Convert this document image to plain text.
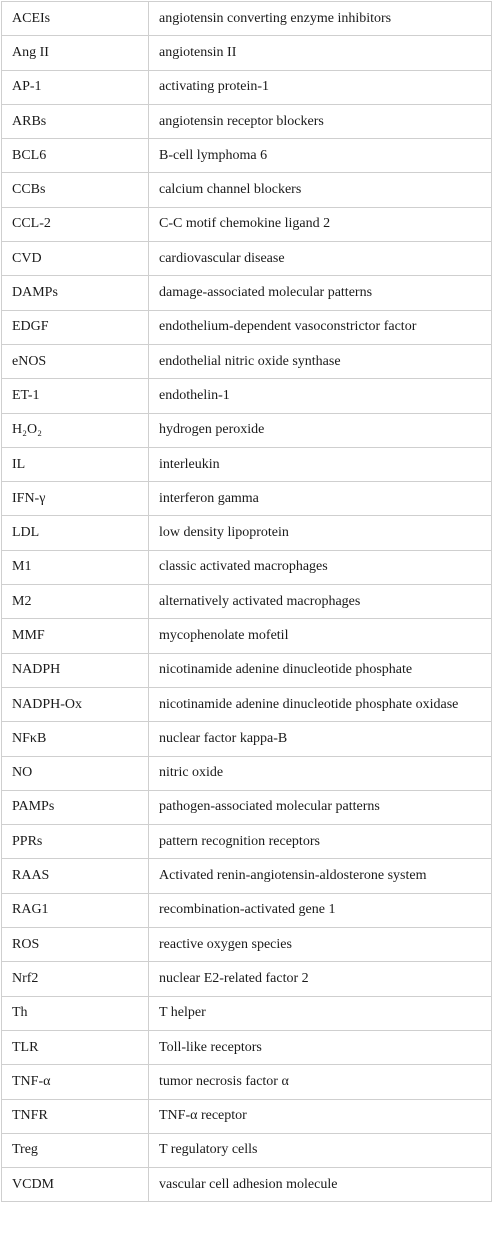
ACEIs	angiotensin converting enzyme inhibitors
Ang II	angiotensin II
AP-1	activating protein-1
ARBs	angiotensin receptor blockers
BCL6	B-cell lymphoma 6
CCBs	calcium channel blockers
CCL-2	C-C motif chemokine ligand 2
CVD	cardiovascular disease
DAMPs	damage-associated molecular patterns
EDGF	endothelium-dependent vasoconstrictor factor
eNOS	endothelial nitric oxide synthase
ET-1	endothelin-1
H₂O₂	hydrogen peroxide
IL	interleukin
IFN-γ	interferon gamma
LDL	low density lipoprotein
M1	classic activated macrophages
M2	alternatively activated macrophages
MMF	mycophenolate mofetil
NADPH	nicotinamide adenine dinucleotide phosphate
NADPH-Ox	nicotinamide adenine dinucleotide phosphate oxidase
NFκB	nuclear factor kappa-B
NO	nitric oxide
PAMPs	pathogen-associated molecular patterns
PPRs	pattern recognition receptors
RAAS	Activated renin-angiotensin-aldosterone system
RAG1	recombination-activated gene 1
ROS	reactive oxygen species
Nrf2	nuclear E2-related factor 2
Th	T helper
TLR	Toll-like receptors
TNF-α	tumor necrosis factor α
TNFR	TNF-α receptor
Treg	T regulatory cells
VCDM	vascular cell adhesion molecule
